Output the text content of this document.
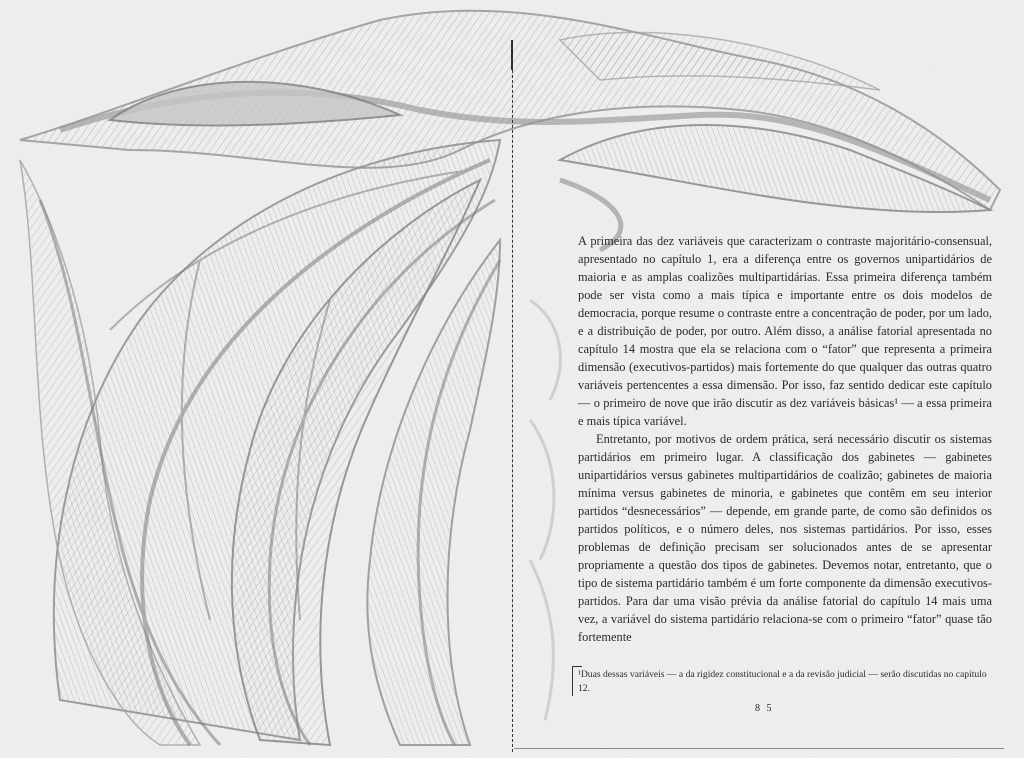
A primeira das dez variáveis que caracterizam o contraste majoritário-consensual, apresentado no capítulo 1, era a diferença entre os governos unipartidários de maioria e as amplas coalizões multipartidárias. Essa primeira diferença também pode ser vista como a mais típica e importante entre os dois modelos de democracia, porque resume o contraste entre a concentração de poder, por um lado, e a distribuição de poder, por outro. Além disso, a análise fatorial apresentada no capítulo 14 mostra que ela se relaciona com o “fator” que representa a primeira dimensão (executivos-partidos) mais fortemente do que qualquer das outras quatro variáveis pertencentes a essa dimensão. Por isso, faz sentido dedicar este capítulo — o primeiro de nove que irão discutir as dez variáveis básicas¹ — a essa primeira e mais típica variável.

Entretanto, por motivos de ordem prática, será necessário discutir os sistemas partidários em primeiro lugar. A classificação dos gabinetes — gabinetes unipartidários versus gabinetes multipartidários de coalizão; gabinetes de maioria mínima versus gabinetes de minoria, e gabinetes que contêm em seu interior partidos “desnecessários” — depende, em grande parte, de como são definidos os partidos políticos, e o número deles, nos sistemas partidários. Por isso, esses problemas de definição precisam ser solucionados antes de se apresentar propriamente a questão dos tipos de gabinetes. Devemos notar, entretanto, que o tipo de sistema partidário também é um forte componente da dimensão executivos-partidos. Para dar uma visão prévia da análise fatorial do capítulo 14 mais uma vez, a variável do sistema partidário relaciona-se com o primeiro “fator” quase tão fortemente

¹Duas dessas variáveis — a da rigidez constitucional e a da revisão judicial — serão discutidas no capítulo 12.
8 5
